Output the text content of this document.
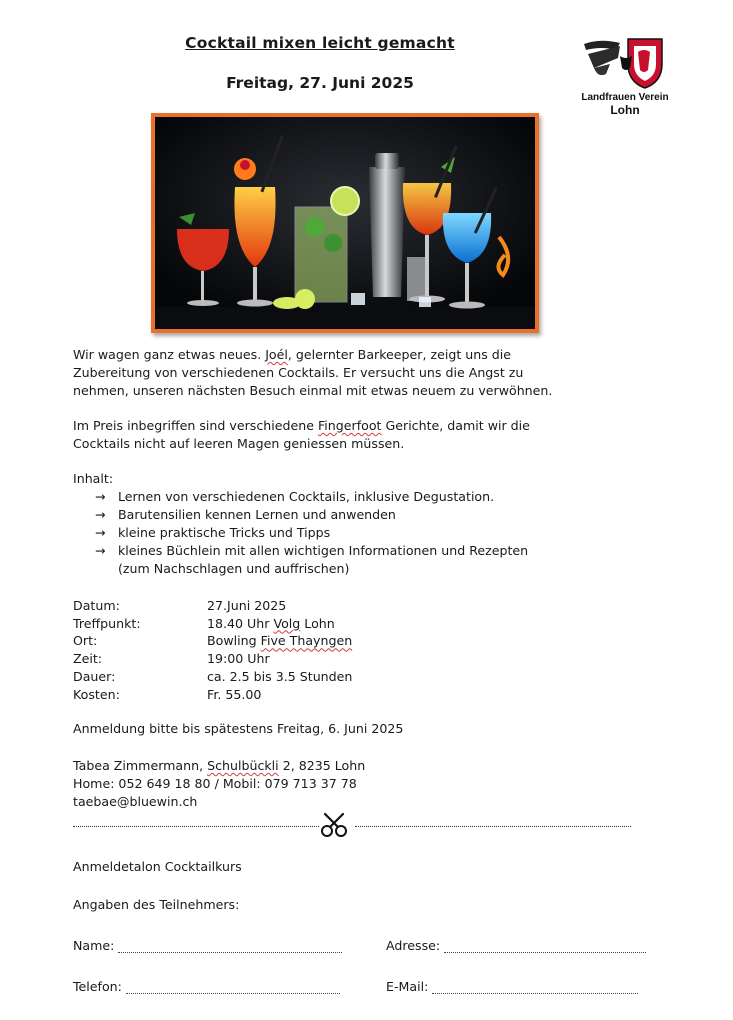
Cocktail mixen leicht gemacht
Freitag, 27. Juni 2025
Landfrauen Verein
Lohn
Wir wagen ganz etwas neues. Joél, gelernter Barkeeper, zeigt uns die
Zubereitung von verschiedenen Cocktails. Er versucht uns die Angst zu
nehmen, unseren nächsten Besuch einmal mit etwas neuem zu verwöhnen.
Im Preis inbegriffen sind verschiedene Fingerfoot Gerichte, damit wir die
Cocktails nicht auf leeren Magen geniessen müssen.
Inhalt:
→ Lernen von verschiedenen Cocktails, inklusive Degustation.
→ Barutensilien kennen Lernen und anwenden
→ kleine praktische Tricks und Tipps
→ kleines Büchlein mit allen wichtigen Informationen und Rezepten
(zum Nachschlagen und auffrischen)
Datum:	27.Juni 2025
Treffpunkt:	18.40 Uhr Volg Lohn
Ort:	Bowling Five Thayngen
Zeit:	19:00 Uhr
Dauer:	ca. 2.5 bis 3.5 Stunden
Kosten:	Fr. 55.00
Anmeldung bitte bis spätestens Freitag, 6. Juni 2025
Tabea Zimmermann, Schulbückli 2, 8235 Lohn
Home: 052 649 18 80 / Mobil: 079 713 37 78
taebae@bluewin.ch
Anmeldetalon Cocktailkurs
Angaben des Teilnehmers:
Name:	Adresse:
Telefon:	E-Mail:
